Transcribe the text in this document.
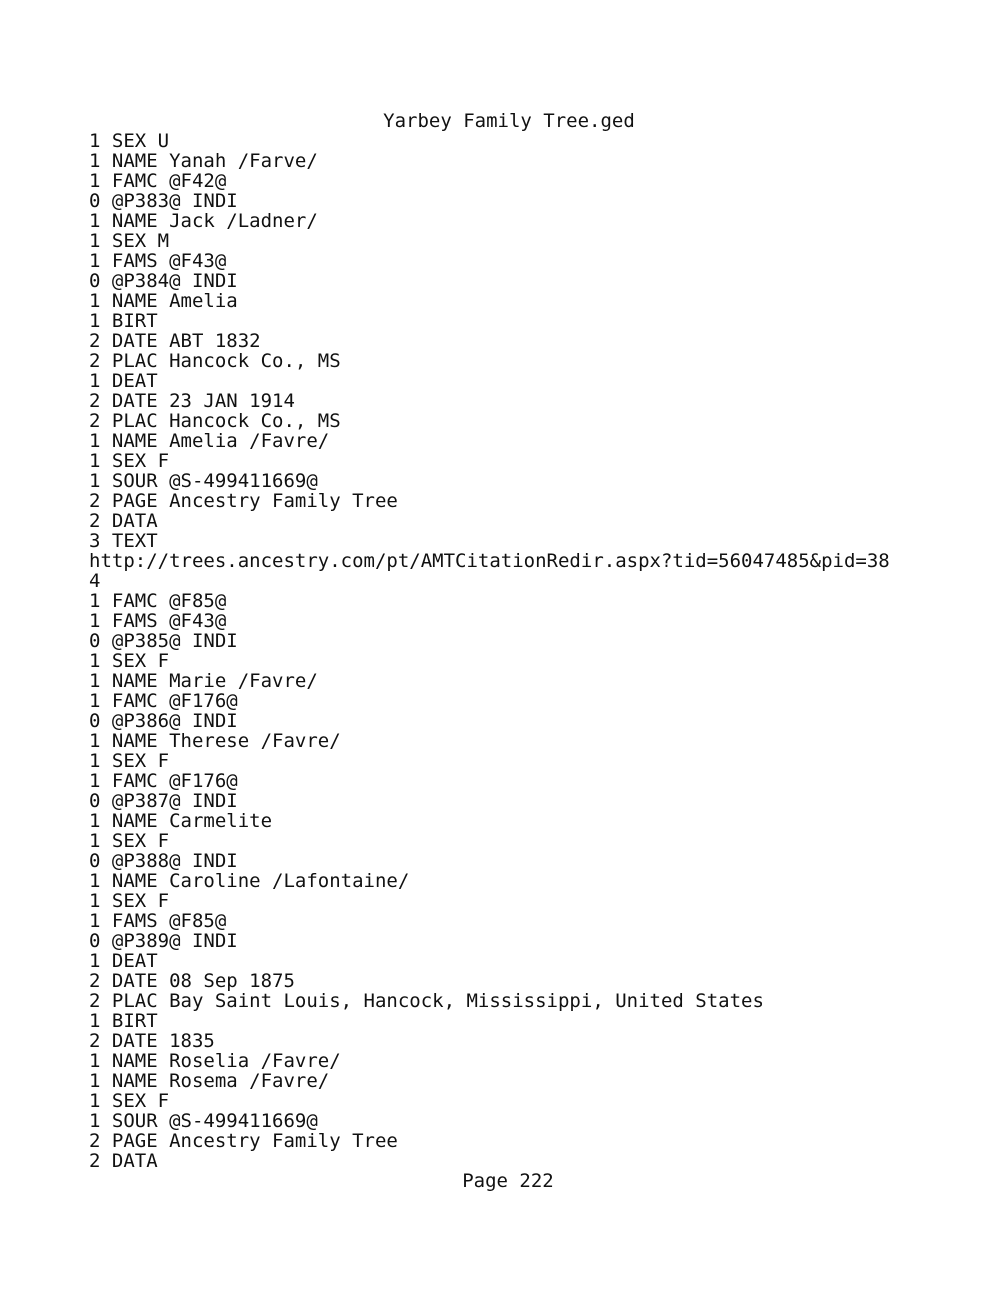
Yarbey Family Tree.ged
1 SEX U
1 NAME Yanah /Farve/
1 FAMC @F42@
0 @P383@ INDI
1 NAME Jack /Ladner/
1 SEX M
1 FAMS @F43@
0 @P384@ INDI
1 NAME Amelia
1 BIRT
2 DATE ABT 1832
2 PLAC Hancock Co., MS
1 DEAT
2 DATE 23 JAN 1914
2 PLAC Hancock Co., MS
1 NAME Amelia /Favre/
1 SEX F
1 SOUR @S-499411669@
2 PAGE Ancestry Family Tree
2 DATA
3 TEXT
http://trees.ancestry.com/pt/AMTCitationRedir.aspx?tid=56047485&pid=38
4
1 FAMC @F85@
1 FAMS @F43@
0 @P385@ INDI
1 SEX F
1 NAME Marie /Favre/
1 FAMC @F176@
0 @P386@ INDI
1 NAME Therese /Favre/
1 SEX F
1 FAMC @F176@
0 @P387@ INDI
1 NAME Carmelite
1 SEX F
0 @P388@ INDI
1 NAME Caroline /Lafontaine/
1 SEX F
1 FAMS @F85@
0 @P389@ INDI
1 DEAT
2 DATE 08 Sep 1875
2 PLAC Bay Saint Louis, Hancock, Mississippi, United States
1 BIRT
2 DATE 1835
1 NAME Roselia /Favre/
1 NAME Rosema /Favre/
1 SEX F
1 SOUR @S-499411669@
2 PAGE Ancestry Family Tree
2 DATA
Page 222
